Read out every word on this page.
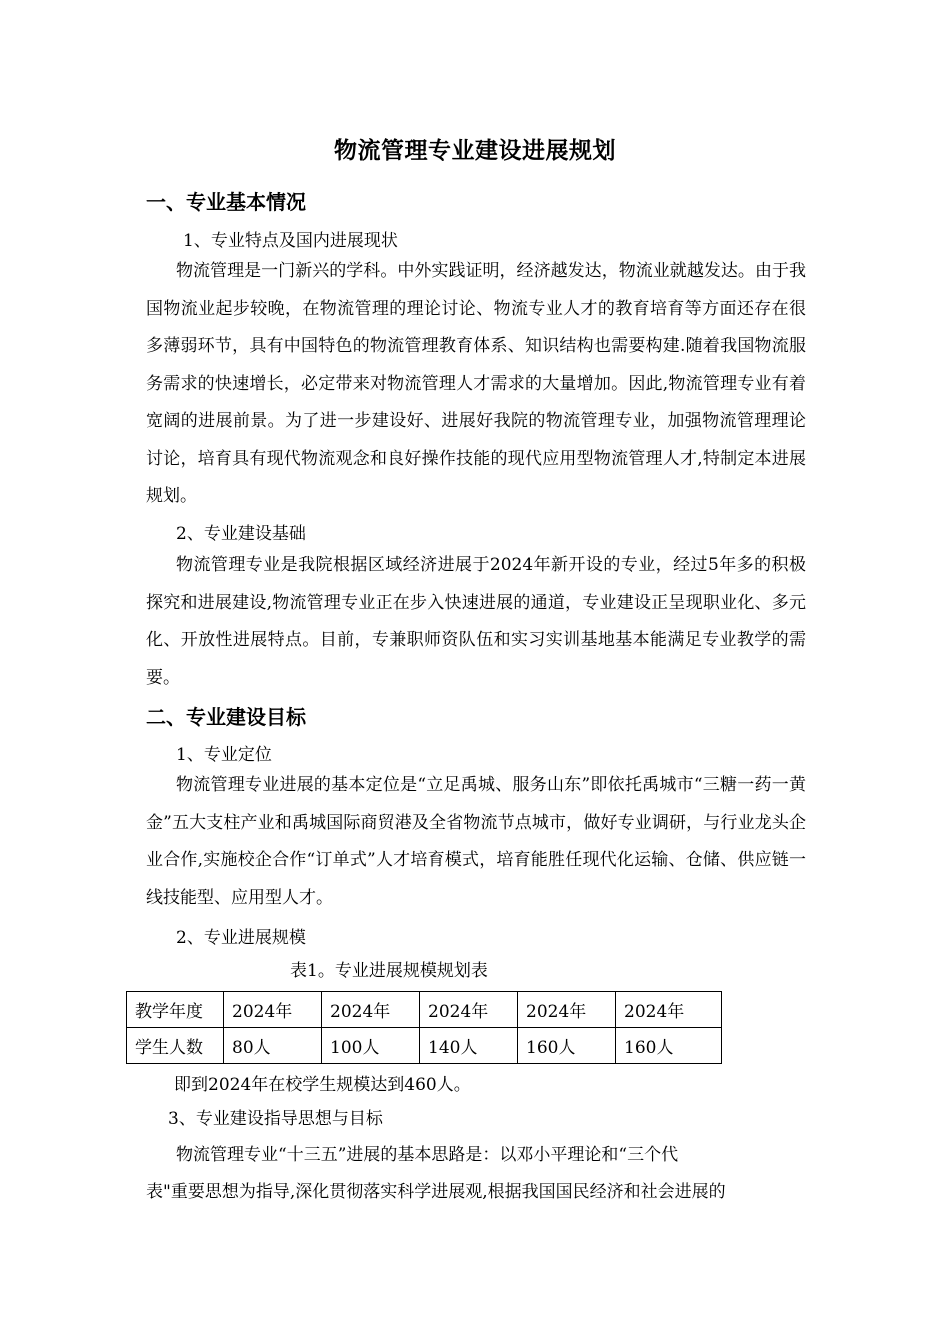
物流管理专业建设进展规划
一、专业基本情况
1、专业特点及国内进展现状

物流管理是一门新兴的学科。中外实践证明，经济越发达，物流业就越发达。由于我国物流业起步较晚，在物流管理的理论讨论、物流专业人才的教育培育等方面还存在很多薄弱环节，具有中国特色的物流管理教育体系、知识结构也需要构建.随着我国物流服务需求的快速增长，必定带来对物流管理人才需求的大量增加。因此,物流管理专业有着宽阔的进展前景。为了进一步建设好、进展好我院的物流管理专业，加强物流管理理论讨论，培育具有现代物流观念和良好操作技能的现代应用型物流管理人才,特制定本进展规划。

2、专业建设基础

物流管理专业是我院根据区域经济进展于2024年新开设的专业，经过5年多的积极探究和进展建设,物流管理专业正在步入快速进展的通道，专业建设正呈现职业化、多元化、开放性进展特点。目前，专兼职师资队伍和实习实训基地基本能满足专业教学的需要。

二、专业建设目标
1、专业定位

物流管理专业进展的基本定位是“立足禹城、服务山东”即依托禹城市“三糖一药一黄金”五大支柱产业和禹城国际商贸港及全省物流节点城市，做好专业调研，与行业龙头企业合作,实施校企合作“订单式”人才培育模式，培育能胜任现代化运输、仓储、供应链一线技能型、应用型人才。

2、专业进展规模
表1。专业进展规模规划表
教学年度	2024年	2024年	2024年	2024年	2024年
学生人数	80人	100人	140人	160人	160人
即到2024年在校学生规模达到460人。
3、专业建设指导思想与目标
物流管理专业“十三五”进展的基本思路是：以邓小平理论和“三个代
表"重要思想为指导,深化贯彻落实科学进展观,根据我国国民经济和社会进展的
